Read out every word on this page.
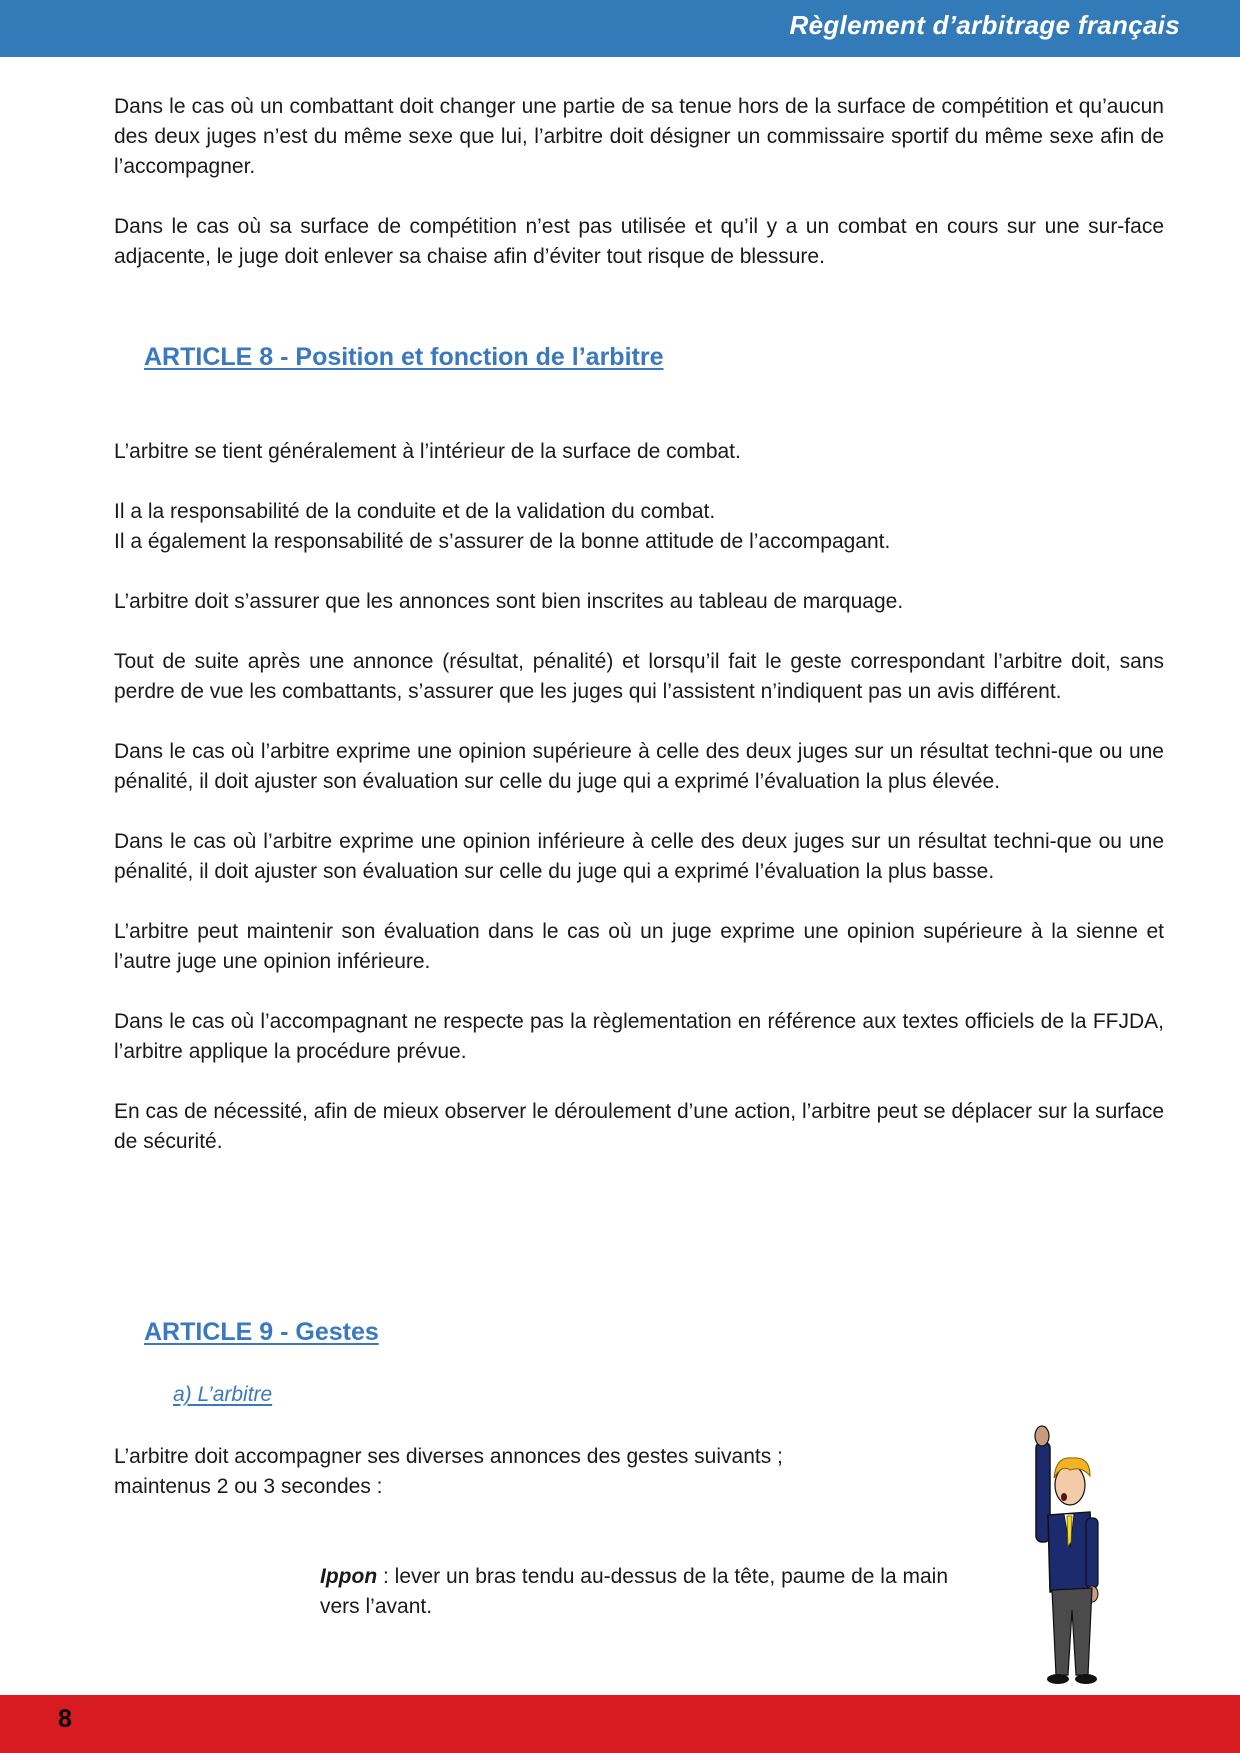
Règlement d’arbitrage français

Dans le cas où un combattant doit changer une partie de sa tenue hors de la surface de compétition et qu’aucun des deux juges n’est du même sexe que lui, l’arbitre doit désigner un commissaire sportif du même sexe afin de l’accompagner.

Dans le cas où sa surface de compétition n’est pas utilisée et qu’il y a un combat en cours sur une sur-face adjacente, le juge doit enlever sa chaise afin d’éviter tout risque de blessure.

ARTICLE 8 - Position et fonction de l’arbitre

L’arbitre se tient généralement à l’intérieur de la surface de combat.

Il a la responsabilité de la conduite et de la validation du combat.

Il a également la responsabilité de s’assurer de la bonne attitude de l’accompagant.

L’arbitre doit s’assurer que les annonces sont bien inscrites au tableau de marquage.

Tout de suite après une annonce (résultat, pénalité) et lorsqu’il fait le geste correspondant l’arbitre doit, sans perdre de vue les combattants, s’assurer que les juges qui l’assistent n’indiquent pas un avis différent.

Dans le cas où l’arbitre exprime une opinion supérieure à celle des deux juges sur un résultat techni-que ou une pénalité, il doit ajuster son évaluation sur celle du juge qui a exprimé l’évaluation la plus élevée.

Dans le cas où l’arbitre exprime une opinion inférieure à celle des deux juges sur un résultat techni-que ou une pénalité, il doit ajuster son évaluation sur celle du juge qui a exprimé l’évaluation la plus basse.

L’arbitre peut maintenir son évaluation dans le cas où un juge exprime une opinion supérieure à la sienne et l’autre juge une opinion inférieure.

Dans le cas où l’accompagnant ne respecte pas la règlementation en référence aux textes officiels de la FFJDA, l’arbitre applique la procédure prévue.

En cas de nécessité, afin de mieux observer le déroulement d’une action, l’arbitre peut se déplacer sur la surface de sécurité.

ARTICLE 9 - Gestes
a) L’arbitre

L’arbitre doit accompagner ses diverses annonces des gestes suivants ;

maintenus 2 ou 3 secondes :

Ippon : lever un bras tendu au-dessus de la tête, paume de la main vers l’avant.

8
